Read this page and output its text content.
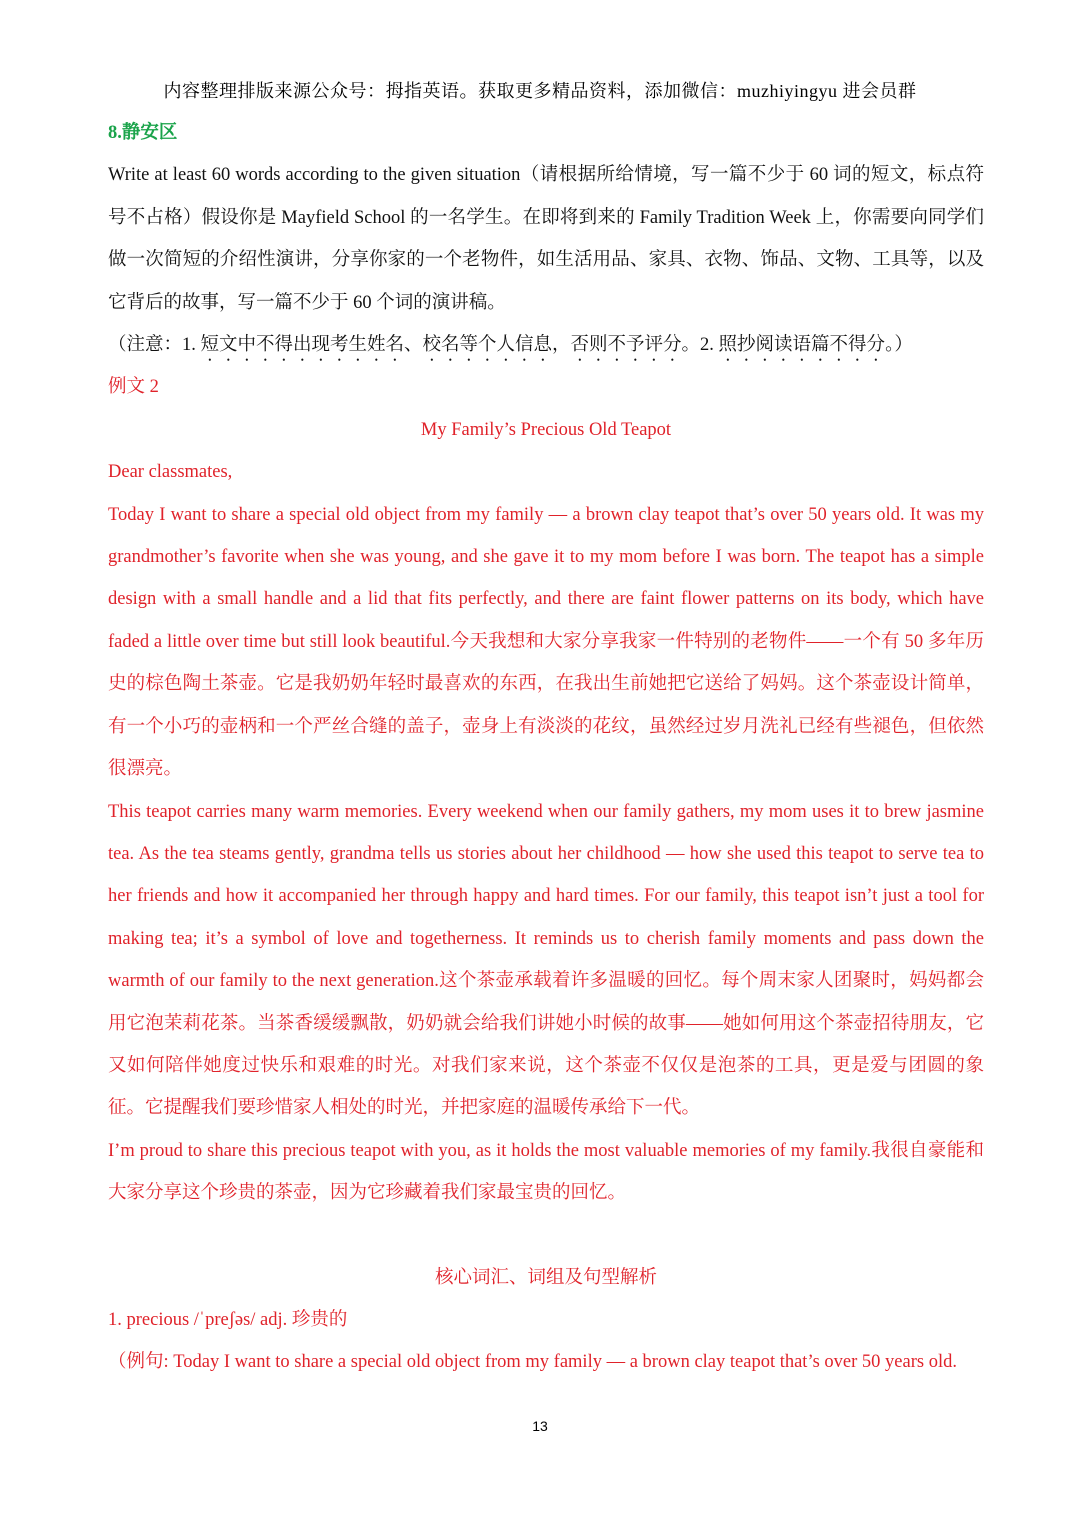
内容整理排版来源公众号：拇指英语。获取更多精品资料，添加微信：muzhiyingyu 进会员群

8.静安区

Write at least 60 words according to the given situation（请根据所给情境，写一篇不少于 60 词的短文，标点符号不占格）假设你是 Mayfield School 的一名学生。在即将到来的 Family Tradition Week 上，你需要向同学们做一次简短的介绍性演讲，分享你家的一个老物件，如生活用品、家具、衣物、饰品、文物、工具等，以及它背后的故事，写一篇不少于 60 个词的演讲稿。

（注意：1. 短文中不得出现考生姓名、校名等个人信息，否则不予评分。2. 照抄阅读语篇不得分。）

例文 2

My Family’s Precious Old Teapot

Dear classmates,

Today I want to share a special old object from my family — a brown clay teapot that’s over 50 years old. It was my grandmother’s favorite when she was young, and she gave it to my mom before I was born. The teapot has a simple design with a small handle and a lid that fits perfectly, and there are faint flower patterns on its body, which have faded a little over time but still look beautiful.今天我想和大家分享我家一件特别的老物件——一个有 50 多年历史的棕色陶土茶壶。它是我奶奶年轻时最喜欢的东西，在我出生前她把它送给了妈妈。这个茶壶设计简单，有一个小巧的壶柄和一个严丝合缝的盖子，壶身上有淡淡的花纹，虽然经过岁月洗礼已经有些褪色，但依然很漂亮。

This teapot carries many warm memories. Every weekend when our family gathers, my mom uses it to brew jasmine tea. As the tea steams gently, grandma tells us stories about her childhood — how she used this teapot to serve tea to her friends and how it accompanied her through happy and hard times. For our family, this teapot isn’t just a tool for making tea; it’s a symbol of love and togetherness. It reminds us to cherish family moments and pass down the warmth of our family to the next generation.这个茶壶承载着许多温暖的回忆。每个周末家人团聚时，妈妈都会用它泡茉莉花茶。当茶香缓缓飘散，奶奶就会给我们讲她小时候的故事——她如何用这个茶壶招待朋友，它又如何陪伴她度过快乐和艰难的时光。对我们家来说，这个茶壶不仅仅是泡茶的工具，更是爱与团圆的象征。它提醒我们要珍惜家人相处的时光，并把家庭的温暖传承给下一代。

I’m proud to share this precious teapot with you, as it holds the most valuable memories of my family.我很自豪能和大家分享这个珍贵的茶壶，因为它珍藏着我们家最宝贵的回忆。

核心词汇、词组及句型解析

1. precious /ˈpreʃəs/ adj. 珍贵的

（例句: Today I want to share a special old object from my family — a brown clay teapot that’s over 50 years old.

13
